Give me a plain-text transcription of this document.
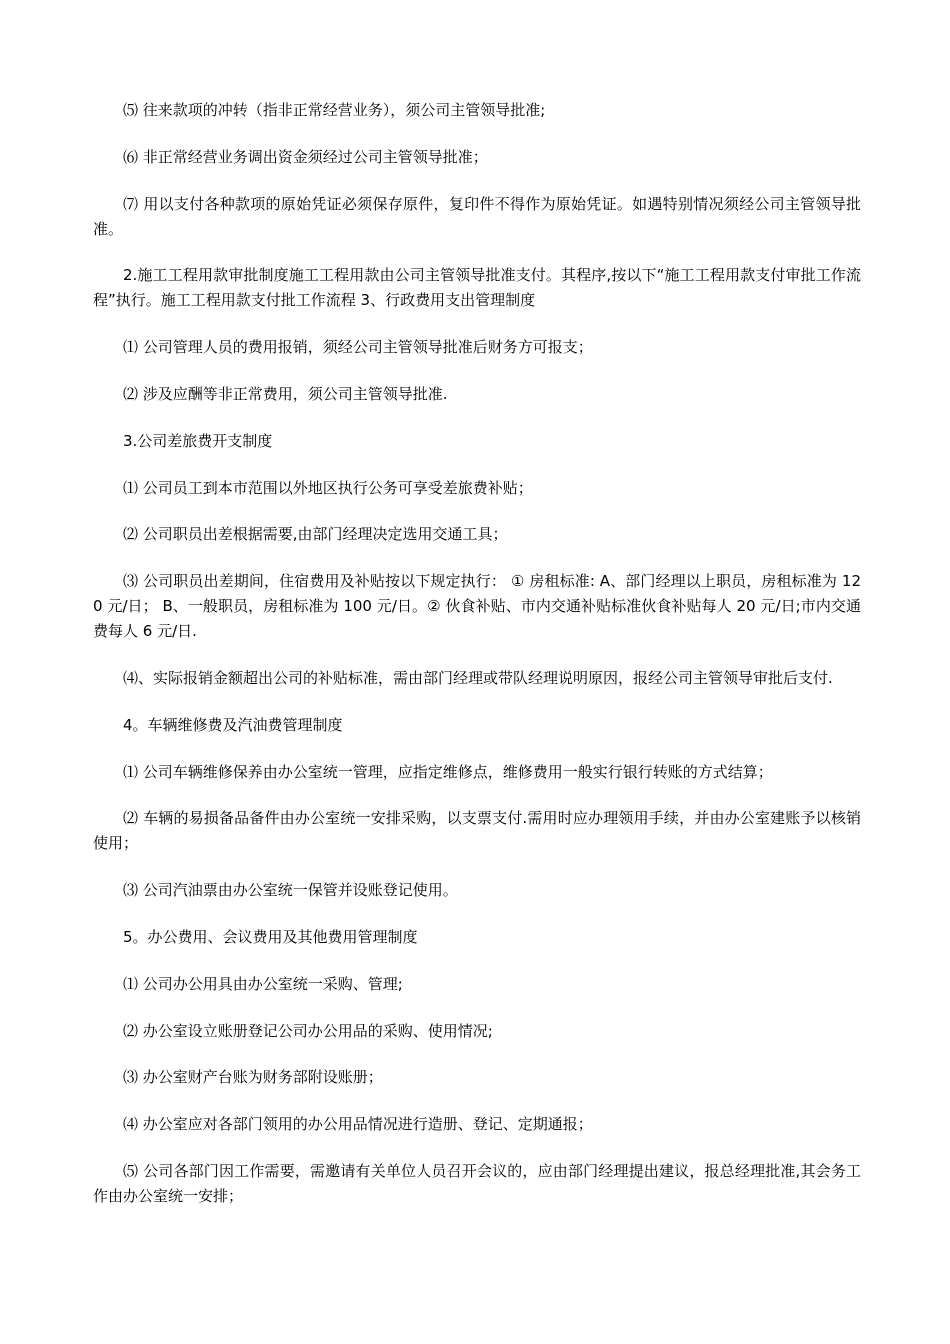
⑸ 往来款项的冲转（指非正常经营业务），须公司主管领导批准;

⑹ 非正常经营业务调出资金须经过公司主管领导批准；

⑺ 用以支付各种款项的原始凭证必须保存原件，复印件不得作为原始凭证。如遇特别情况须经公司主管领导批准。

2.施工工程用款审批制度施工工程用款由公司主管领导批准支付。其程序,按以下“施工工程用款支付审批工作流程”执行。施工工程用款支付批工作流程 3、行政费用支出管理制度

⑴ 公司管理人员的费用报销，须经公司主管领导批准后财务方可报支；

⑵ 涉及应酬等非正常费用，须公司主管领导批准.

3.公司差旅费开支制度

⑴ 公司员工到本市范围以外地区执行公务可享受差旅费补贴；

⑵ 公司职员出差根据需要,由部门经理决定选用交通工具；

⑶ 公司职员出差期间，住宿费用及补贴按以下规定执行： ① 房租标准: A、部门经理以上职员，房租标准为 120 元/日； B、一般职员，房租标准为 100 元/日。② 伙食补贴、市内交通补贴标准伙食补贴每人 20 元/日;市内交通费每人 6 元/日.

⑷、实际报销金额超出公司的补贴标准，需由部门经理或带队经理说明原因，报经公司主管领导审批后支付.

4。车辆维修费及汽油费管理制度

⑴ 公司车辆维修保养由办公室统一管理，应指定维修点，维修费用一般实行银行转账的方式结算；

⑵ 车辆的易损备品备件由办公室统一安排采购，以支票支付.需用时应办理领用手续，并由办公室建账予以核销使用；

⑶ 公司汽油票由办公室统一保管并设账登记使用。

5。办公费用、会议费用及其他费用管理制度

⑴ 公司办公用具由办公室统一采购、管理;

⑵ 办公室设立账册登记公司办公用品的采购、使用情况;

⑶ 办公室财产台账为财务部附设账册；

⑷ 办公室应对各部门领用的办公用品情况进行造册、登记、定期通报；

⑸ 公司各部门因工作需要，需邀请有关单位人员召开会议的，应由部门经理提出建议，报总经理批准,其会务工作由办公室统一安排；
